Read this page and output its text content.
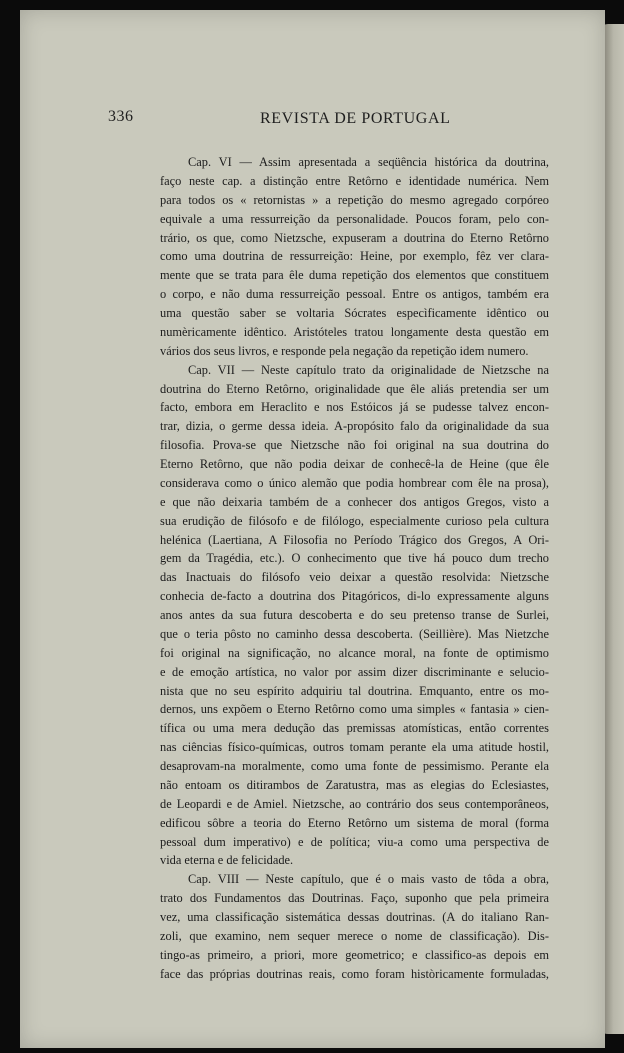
336	REVISTA DE PORTUGAL
Cap. VI — Assim apresentada a seqüência histórica da doutrina,
faço neste cap. a distinção entre Retôrno e identidade numérica. Nem
para todos os « retornistas » a repetição do mesmo agregado corpóreo
equivale a uma ressurreição da personalidade. Poucos foram, pelo con-
trário, os que, como Nietzsche, expuseram a doutrina do Eterno Retôrno
como uma doutrina de ressurreição: Heine, por exemplo, fêz ver clara-
mente que se trata para êle duma repetição dos elementos que constituem
o corpo, e não duma ressurreição pessoal. Entre os antigos, também era
uma questão saber se voltaria Sócrates especìficamente idêntico ou
numèricamente idêntico. Aristóteles tratou longamente desta questão em
vários dos seus livros, e responde pela negação da repetição idem numero.
Cap. VII — Neste capítulo trato da originalidade de Nietzsche na
doutrina do Eterno Retôrno, originalidade que êle aliás pretendia ser um
facto, embora em Heraclito e nos Estóicos já se pudesse talvez encon-
trar, dizia, o germe dessa ideia. A-propósito falo da originalidade da sua
filosofia. Prova-se que Nietzsche não foi original na sua doutrina do
Eterno Retôrno, que não podia deixar de conhecê-la de Heine (que êle
considerava como o único alemão que podia hombrear com êle na prosa),
e que não deixaria também de a conhecer dos antigos Gregos, visto a
sua erudição de filósofo e de filólogo, especialmente curioso pela cultura
helénica (Laertiana, A Filosofia no Período Trágico dos Gregos, A Ori-
gem da Tragédia, etc.). O conhecimento que tive há pouco dum trecho
das Inactuais do filósofo veio deixar a questão resolvida: Nietzsche
conhecia de-facto a doutrina dos Pitagóricos, di-lo expressamente alguns
anos antes da sua futura descoberta e do seu pretenso transe de Surlei,
que o teria pôsto no caminho dessa descoberta. (Seillière). Mas Nietzche
foi original na significação, no alcance moral, na fonte de optimismo
e de emoção artística, no valor por assim dizer discriminante e selucio-
nista que no seu espírito adquiriu tal doutrina. Emquanto, entre os mo-
dernos, uns expõem o Eterno Retôrno como uma simples « fantasia » cien-
tífica ou uma mera dedução das premissas atomísticas, então correntes
nas ciências físico-químicas, outros tomam perante ela uma atitude hostil,
desaprovam-na moralmente, como uma fonte de pessimismo. Perante ela
não entoam os ditirambos de Zaratustra, mas as elegias do Eclesiastes,
de Leopardi e de Amiel. Nietzsche, ao contrário dos seus contemporâneos,
edificou sôbre a teoria do Eterno Retôrno um sistema de moral (forma
pessoal dum imperativo) e de política; viu-a como uma perspectiva de
vida eterna e de felicidade.
Cap. VIII — Neste capítulo, que é o mais vasto de tôda a obra,
trato dos Fundamentos das Doutrinas. Faço, suponho que pela primeira
vez, uma classificação sistemática dessas doutrinas. (A do italiano Ran-
zoli, que examino, nem sequer merece o nome de classificação). Dis-
tingo-as primeiro, a priori, more geometrico; e classifico-as depois em
face das próprias doutrinas reais, como foram històricamente formuladas,
